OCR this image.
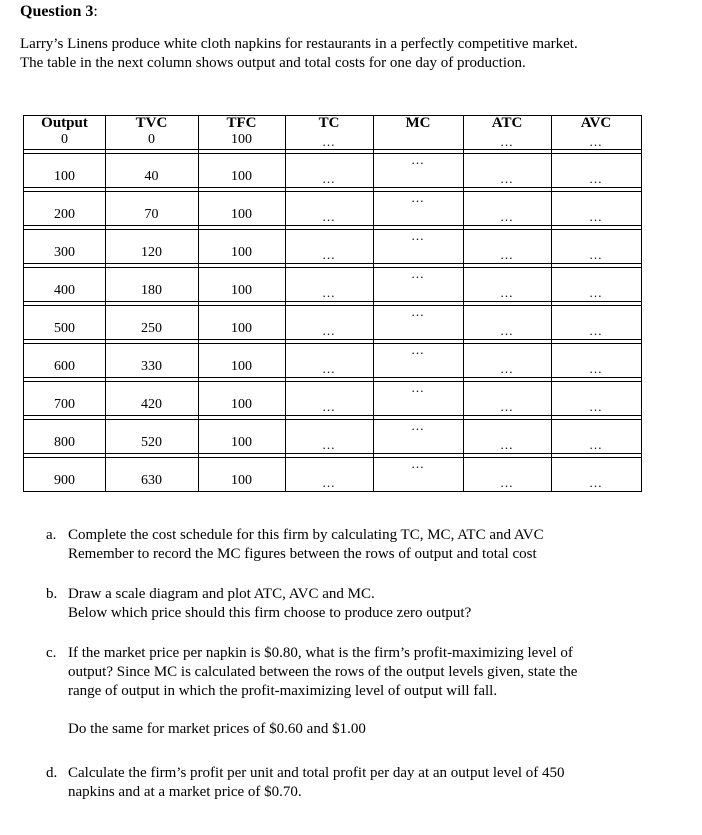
Question 3:
Larry’s Linens produce white cloth napkins for restaurants in a perfectly competitive market.
The table in the next column shows output and total costs for one day of production.
Output	TVC	TFC	TC	MC	ATC	AVC
0	0	100	…	…	…
…
100	40	100	…	…	…
…
200	70	100	…	…	…
…
300	120	100	…	…	…
…
400	180	100	…	…	…
…
500	250	100	…	…	…
…
600	330	100	…	…	…
…
700	420	100	…	…	…
…
800	520	100	…	…	…
…
900	630	100	…	…	…
a. Complete the cost schedule for this firm by calculating TC, MC, ATC and AVC
Remember to record the MC figures between the rows of output and total cost
b. Draw a scale diagram and plot ATC, AVC and MC.
Below which price should this firm choose to produce zero output?
c. If the market price per napkin is $0.80, what is the firm’s profit-maximizing level of
output? Since MC is calculated between the rows of the output levels given, state the
range of output in which the profit-maximizing level of output will fall.
Do the same for market prices of $0.60 and $1.00
d. Calculate the firm’s profit per unit and total profit per day at an output level of 450
napkins and at a market price of $0.70.
